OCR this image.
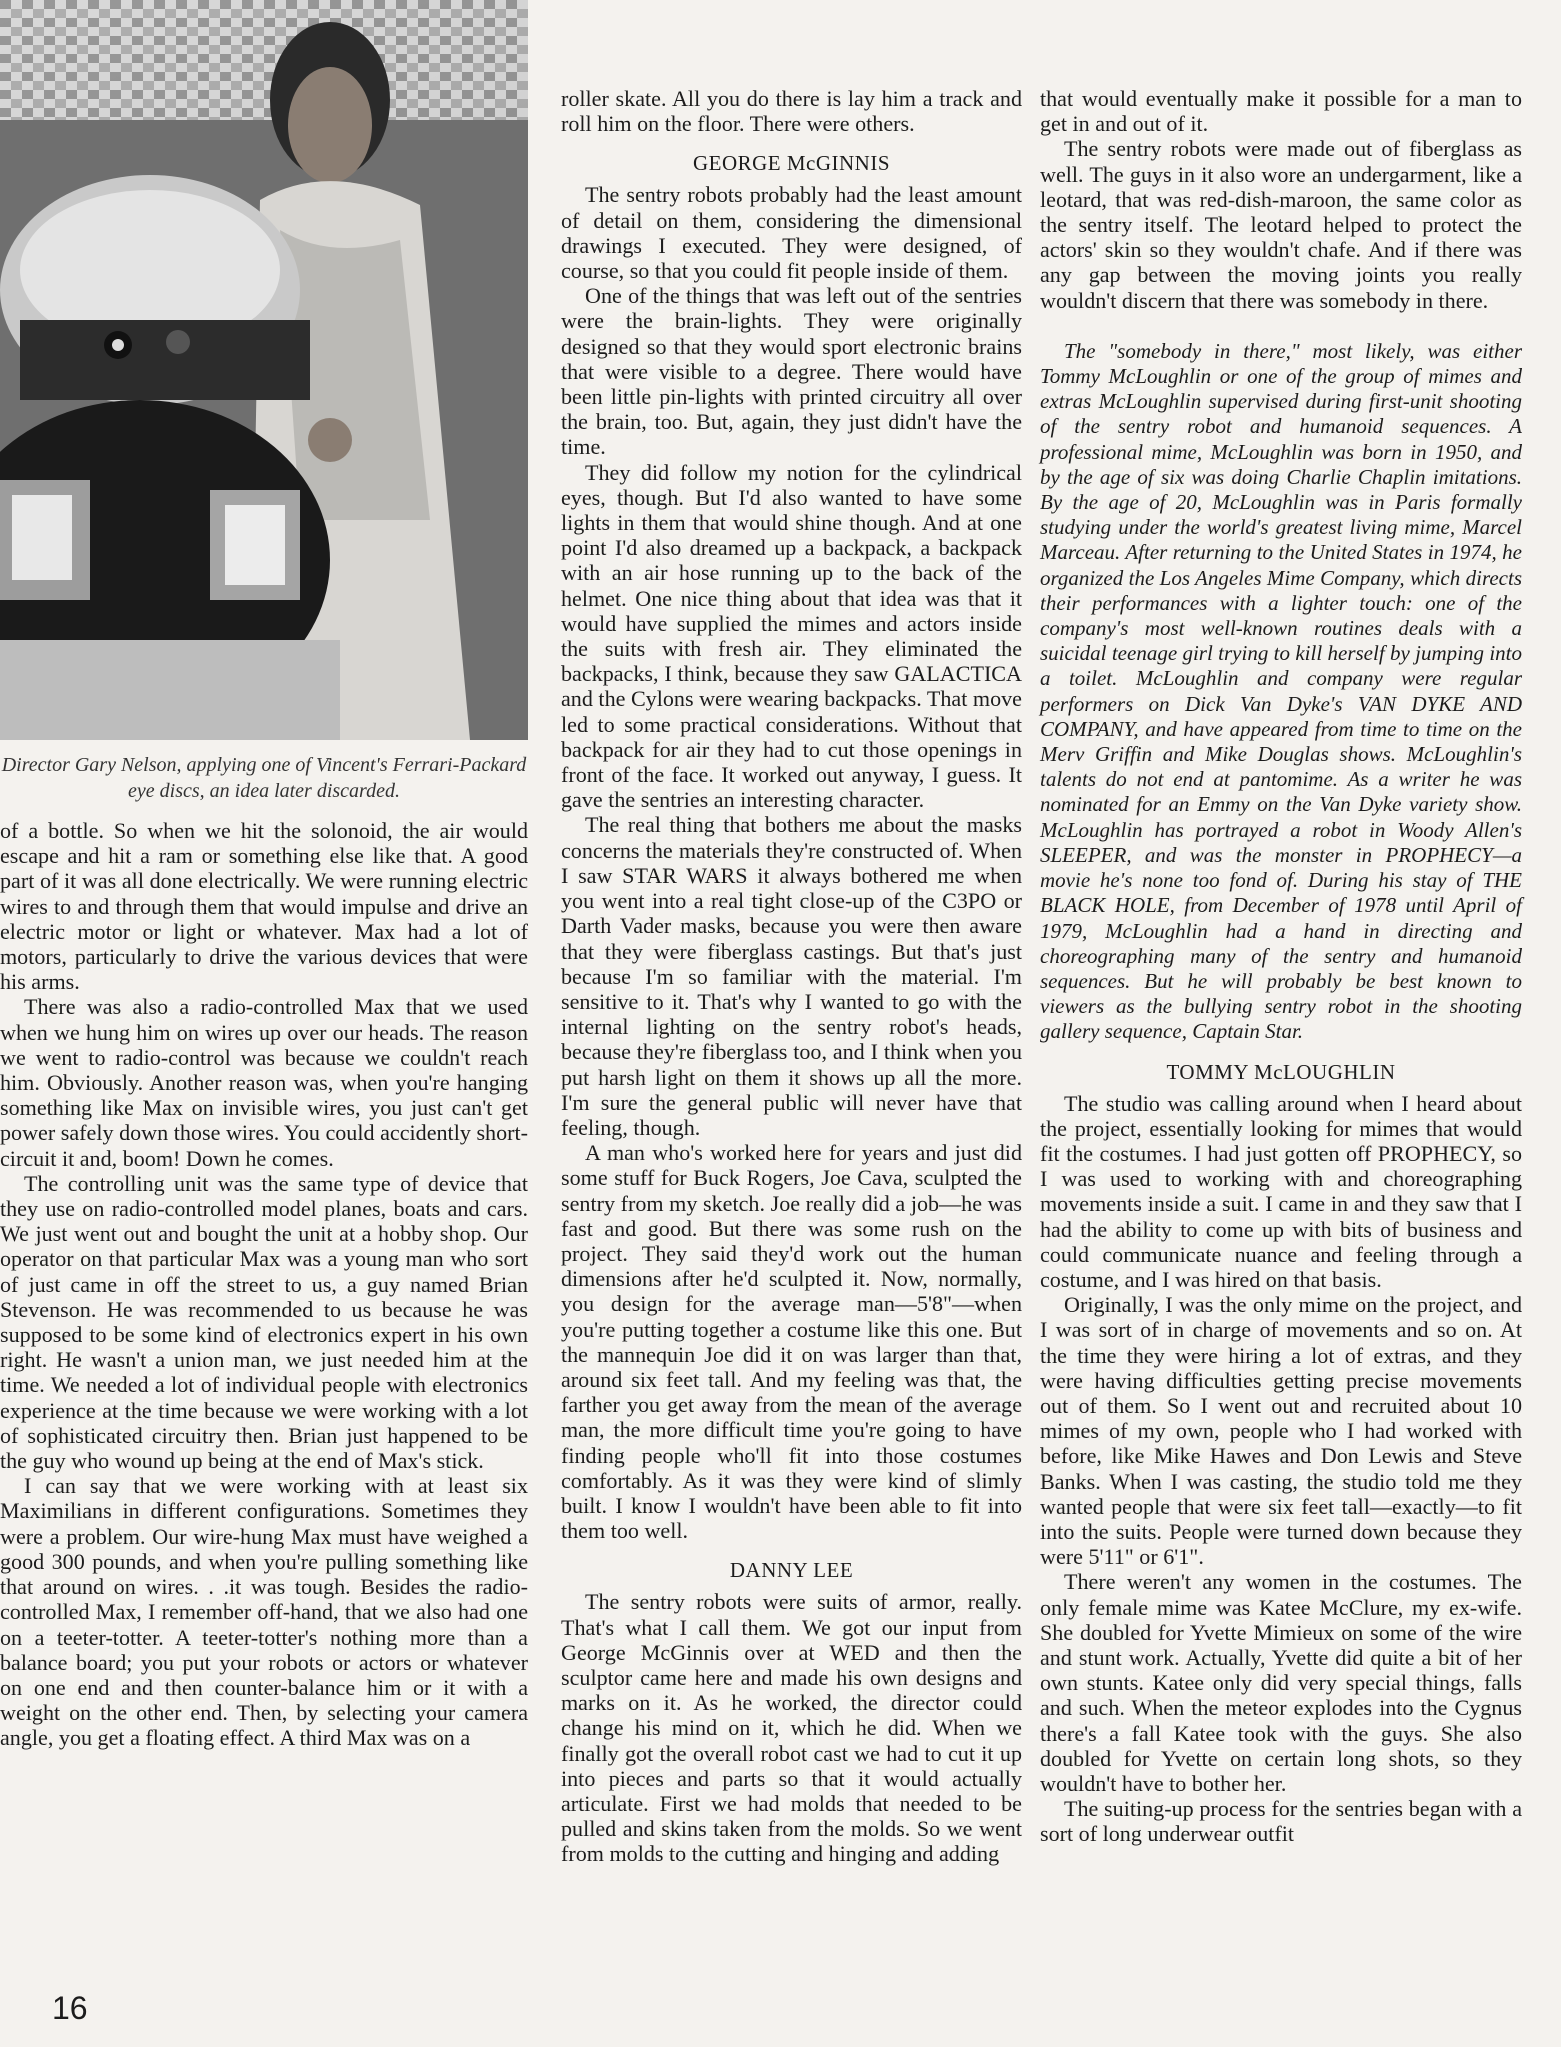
Director Gary Nelson, applying one of Vincent's Ferrari-Packard eye discs, an idea later discarded.

of a bottle. So when we hit the solonoid, the air would escape and hit a ram or something else like that. A good part of it was all done electrically. We were running electric wires to and through them that would impulse and drive an electric motor or light or whatever. Max had a lot of motors, particularly to drive the various devices that were his arms.

There was also a radio-controlled Max that we used when we hung him on wires up over our heads. The reason we went to radio-control was because we couldn't reach him. Obviously. Another reason was, when you're hanging something like Max on invisible wires, you just can't get power safely down those wires. You could accidently short-circuit it and, boom! Down he comes.

The controlling unit was the same type of device that they use on radio-controlled model planes, boats and cars. We just went out and bought the unit at a hobby shop. Our operator on that particular Max was a young man who sort of just came in off the street to us, a guy named Brian Stevenson. He was recommended to us because he was supposed to be some kind of electronics expert in his own right. He wasn't a union man, we just needed him at the time. We needed a lot of individual people with electronics experience at the time because we were working with a lot of sophisticated circuitry then. Brian just happened to be the guy who wound up being at the end of Max's stick.

I can say that we were working with at least six Maximilians in different configurations. Sometimes they were a problem. Our wire-hung Max must have weighed a good 300 pounds, and when you're pulling something like that around on wires. . .it was tough. Besides the radio-controlled Max, I remember off-hand, that we also had one on a teeter-totter. A teeter-totter's nothing more than a balance board; you put your robots or actors or whatever on one end and then counter-balance him or it with a weight on the other end. Then, by selecting your camera angle, you get a floating effect. A third Max was on a

roller skate. All you do there is lay him a track and roll him on the floor. There were others.

GEORGE McGINNIS

The sentry robots probably had the least amount of detail on them, considering the dimensional drawings I executed. They were designed, of course, so that you could fit people inside of them.

One of the things that was left out of the sentries were the brain-lights. They were originally designed so that they would sport electronic brains that were visible to a degree. There would have been little pin-lights with printed circuitry all over the brain, too. But, again, they just didn't have the time.

They did follow my notion for the cylindrical eyes, though. But I'd also wanted to have some lights in them that would shine though. And at one point I'd also dreamed up a backpack, a backpack with an air hose running up to the back of the helmet. One nice thing about that idea was that it would have supplied the mimes and actors inside the suits with fresh air. They eliminated the backpacks, I think, because they saw GALACTICA and the Cylons were wearing backpacks. That move led to some practical considerations. Without that backpack for air they had to cut those openings in front of the face. It worked out anyway, I guess. It gave the sentries an interesting character.

The real thing that bothers me about the masks concerns the materials they're constructed of. When I saw STAR WARS it always bothered me when you went into a real tight close-up of the C3PO or Darth Vader masks, because you were then aware that they were fiberglass castings. But that's just because I'm so familiar with the material. I'm sensitive to it. That's why I wanted to go with the internal lighting on the sentry robot's heads, because they're fiberglass too, and I think when you put harsh light on them it shows up all the more. I'm sure the general public will never have that feeling, though.

A man who's worked here for years and just did some stuff for Buck Rogers, Joe Cava, sculpted the sentry from my sketch. Joe really did a job—he was fast and good. But there was some rush on the project. They said they'd work out the human dimensions after he'd sculpted it. Now, normally, you design for the average man—5'8"—when you're putting together a costume like this one. But the mannequin Joe did it on was larger than that, around six feet tall. And my feeling was that, the farther you get away from the mean of the average man, the more difficult time you're going to have finding people who'll fit into those costumes comfortably. As it was they were kind of slimly built. I know I wouldn't have been able to fit into them too well.

DANNY LEE

The sentry robots were suits of armor, really. That's what I call them. We got our input from George McGinnis over at WED and then the sculptor came here and made his own designs and marks on it. As he worked, the director could change his mind on it, which he did. When we finally got the overall robot cast we had to cut it up into pieces and parts so that it would actually articulate. First we had molds that needed to be pulled and skins taken from the molds. So we went from molds to the cutting and hinging and adding

that would eventually make it possible for a man to get in and out of it.

The sentry robots were made out of fiberglass as well. The guys in it also wore an undergarment, like a leotard, that was red-dish-maroon, the same color as the sentry itself. The leotard helped to protect the actors' skin so they wouldn't chafe. And if there was any gap between the moving joints you really wouldn't discern that there was somebody in there.

The "somebody in there," most likely, was either Tommy McLoughlin or one of the group of mimes and extras McLoughlin supervised during first-unit shooting of the sentry robot and humanoid sequences. A professional mime, McLoughlin was born in 1950, and by the age of six was doing Charlie Chaplin imitations. By the age of 20, McLoughlin was in Paris formally studying under the world's greatest living mime, Marcel Marceau. After returning to the United States in 1974, he organized the Los Angeles Mime Company, which directs their performances with a lighter touch: one of the company's most well-known routines deals with a suicidal teenage girl trying to kill herself by jumping into a toilet. McLoughlin and company were regular performers on Dick Van Dyke's VAN DYKE AND COMPANY, and have appeared from time to time on the Merv Griffin and Mike Douglas shows. McLoughlin's talents do not end at pantomime. As a writer he was nominated for an Emmy on the Van Dyke variety show. McLoughlin has portrayed a robot in Woody Allen's SLEEPER, and was the monster in PROPHECY—a movie he's none too fond of. During his stay of THE BLACK HOLE, from December of 1978 until April of 1979, McLoughlin had a hand in directing and choreographing many of the sentry and humanoid sequences. But he will probably be best known to viewers as the bullying sentry robot in the shooting gallery sequence, Captain Star.

TOMMY McLOUGHLIN

The studio was calling around when I heard about the project, essentially looking for mimes that would fit the costumes. I had just gotten off PROPHECY, so I was used to working with and choreographing movements inside a suit. I came in and they saw that I had the ability to come up with bits of business and could communicate nuance and feeling through a costume, and I was hired on that basis.

Originally, I was the only mime on the project, and I was sort of in charge of movements and so on. At the time they were hiring a lot of extras, and they were having difficulties getting precise movements out of them. So I went out and recruited about 10 mimes of my own, people who I had worked with before, like Mike Hawes and Don Lewis and Steve Banks. When I was casting, the studio told me they wanted people that were six feet tall—exactly—to fit into the suits. People were turned down because they were 5'11" or 6'1".

There weren't any women in the costumes. The only female mime was Katee McClure, my ex-wife. She doubled for Yvette Mimieux on some of the wire and stunt work. Actually, Yvette did quite a bit of her own stunts. Katee only did very special things, falls and such. When the meteor explodes into the Cygnus there's a fall Katee took with the guys. She also doubled for Yvette on certain long shots, so they wouldn't have to bother her.

The suiting-up process for the sentries began with a sort of long underwear outfit

16
